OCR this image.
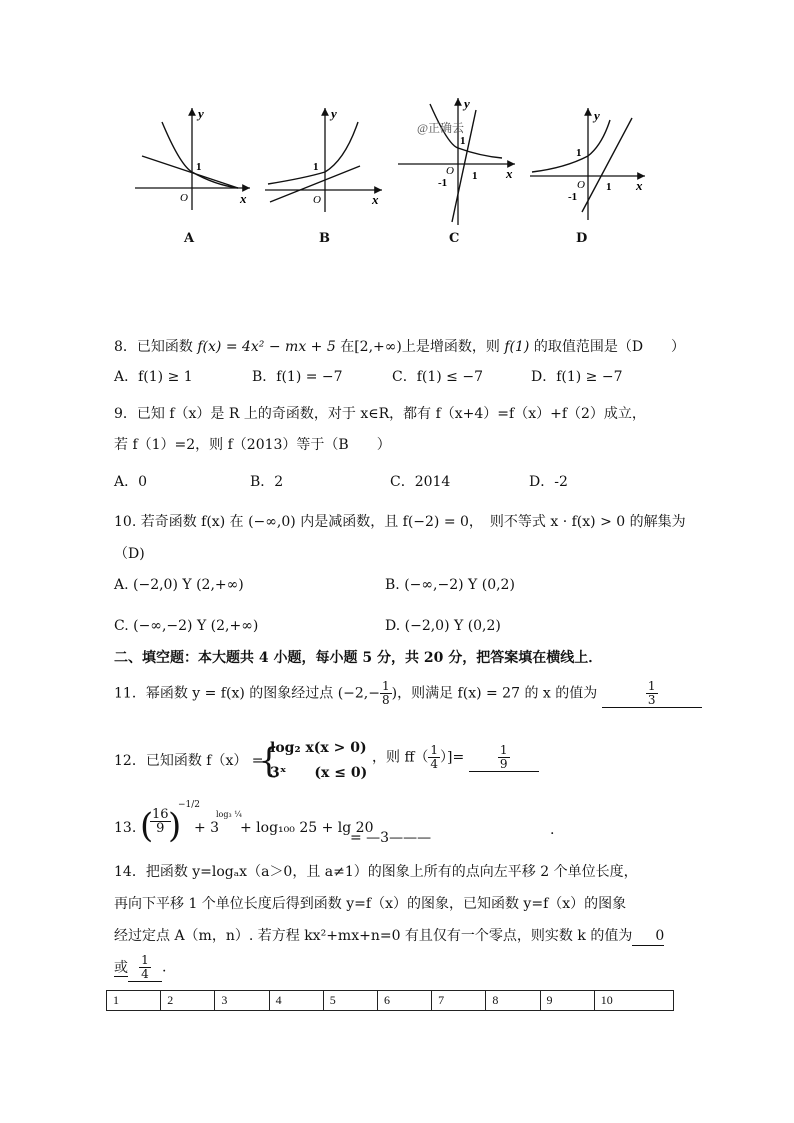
y
x
1
O
y
x
1
O
y
x
1
1
-1
O
@正确云
y
x
1
1
-1
O
A	B	C	D
8．已知函数 f(x) = 4x² − mx + 5 在[2,+∞)上是增函数，则 f(1) 的取值范围是（D　　）
A．f(1) ≥ 1	B．f(1) = −7	C．f(1) ≤ −7	D．f(1) ≥ −7
9．已知 f（x）是 R 上的奇函数，对于 x∈R，都有 f（x+4）=f（x）+f（2）成立，
若 f（1）=2，则 f（2013）等于（B　　）
A．0	B．2	C．2014	D．-2
10. 若奇函数 f(x) 在 (−∞,0) 内是减函数，且 f(−2) = 0，　则不等式 x · f(x) > 0 的解集为
（D)
A. (−2,0) Y (2,+∞)	B. (−∞,−2) Y (0,2)
C. (−∞,−2) Y (2,+∞)	D. (−2,0) Y (0,2)
二、填空题：本大题共 4 小题，每小题 5 分，共 20 分，把答案填在横线上．
11．幂函数 y = f(x) 的图象经过点 ($-2,- \frac{1}{8}$ )，则满足 f(x) = 27 的 x 的值为	$\frac{1}{3}$
12．已知函数 f（x） =
{
log₂ x(x > 0)
3ˣ　　(x ≤ 0)
，则 $ff( \frac{1}{4}$ ）]=	$\frac{1}{9}$
13. (
$\frac{16}{9}$
)
−1/2
+ 3
log₃ ¼
+ log₁₀₀ 25 + lg 20
= —3———	.
14．把函数 y=logₐx（a＞0，且 a≠1）的图象上所有的点向左平移 2 个单位长度，
再向下平移 1 个单位长度后得到函数 y=f（x）的图象，已知函数 y=f（x）的图象
经过定点 A（m，n）. 若方程 kx²+mx+n=0 有且仅有一个零点，则实数 k 的值为 0
或 $\frac{1}{4}$ .
1	2	3	4	5	6	7	8	9	10
